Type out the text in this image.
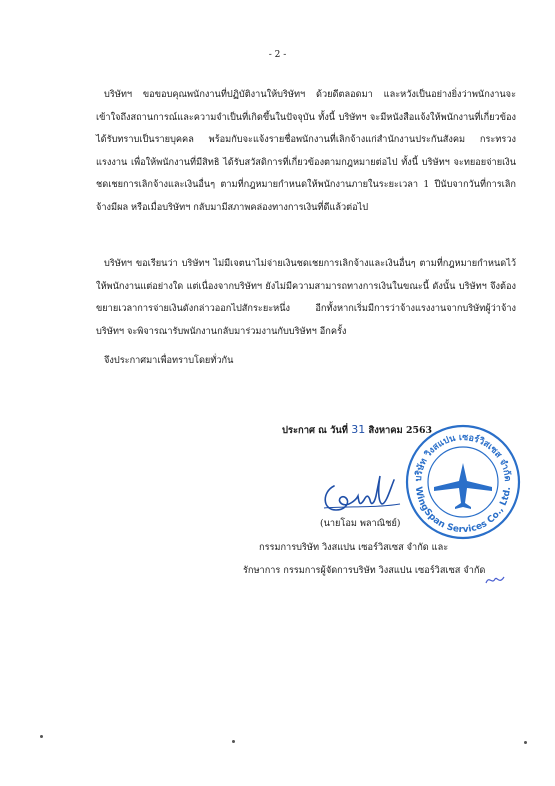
- 2 -

บริษัทฯ ขอขอบคุณพนักงานที่ปฏิบัติงานให้บริษัทฯ ด้วยดีตลอดมา และหวังเป็นอย่างยิ่งว่าพนักงานจะเข้าใจถึงสถานการณ์และความจำเป็นที่เกิดขึ้นในปัจจุบัน ทั้งนี้ บริษัทฯ จะมีหนังสือแจ้งให้พนักงานที่เกี่ยวข้องได้รับทราบเป็นรายบุคคล พร้อมกับจะแจ้งรายชื่อพนักงานที่เลิกจ้างแก่สำนักงานประกันสังคม กระทรวงแรงงาน เพื่อให้พนักงานที่มีสิทธิ ได้รับสวัสดิการที่เกี่ยวข้องตามกฎหมายต่อไป ทั้งนี้ บริษัทฯ จะทยอยจ่ายเงินชดเชยการเลิกจ้างและเงินอื่นๆ ตามที่กฎหมายกำหนดให้พนักงานภายในระยะเวลา 1 ปีนับจากวันที่การเลิกจ้างมีผล หรือเมื่อบริษัทฯ กลับมามีสภาพคล่องทางการเงินที่ดีแล้วต่อไป

บริษัทฯ ขอเรียนว่า บริษัทฯ ไม่มีเจตนาไม่จ่ายเงินชดเชยการเลิกจ้างและเงินอื่นๆ ตามที่กฎหมายกำหนดไว้ให้พนักงานแต่อย่างใด แต่เนื่องจากบริษัทฯ ยังไม่มีความสามารถทางการเงินในขณะนี้ ดังนั้น บริษัทฯ จึงต้องขยายเวลาการจ่ายเงินดังกล่าวออกไปสักระยะหนึ่ง อีกทั้งหากเริ่มมีการว่าจ้างแรงงานจากบริษัทผู้ว่าจ้าง บริษัทฯ จะพิจารณารับพนักงานกลับมาร่วมงานกับบริษัทฯ อีกครั้ง

จึงประกาศมาเพื่อทราบโดยทั่วกัน

ประกาศ ณ วันที่ 31 สิงหาคม 2563
(นายโอม พลาณิชย์)
กรรมการบริษัท วิงสแปน เซอร์วิสเซส จำกัด และ
รักษาการ กรรมการผู้จัดการบริษัท วิงสแปน เซอร์วิสเซส จำกัด
บริษัท วิงสแปน เซอร์วิสเซส จำกัด
WingSpan Services Co., Ltd.
